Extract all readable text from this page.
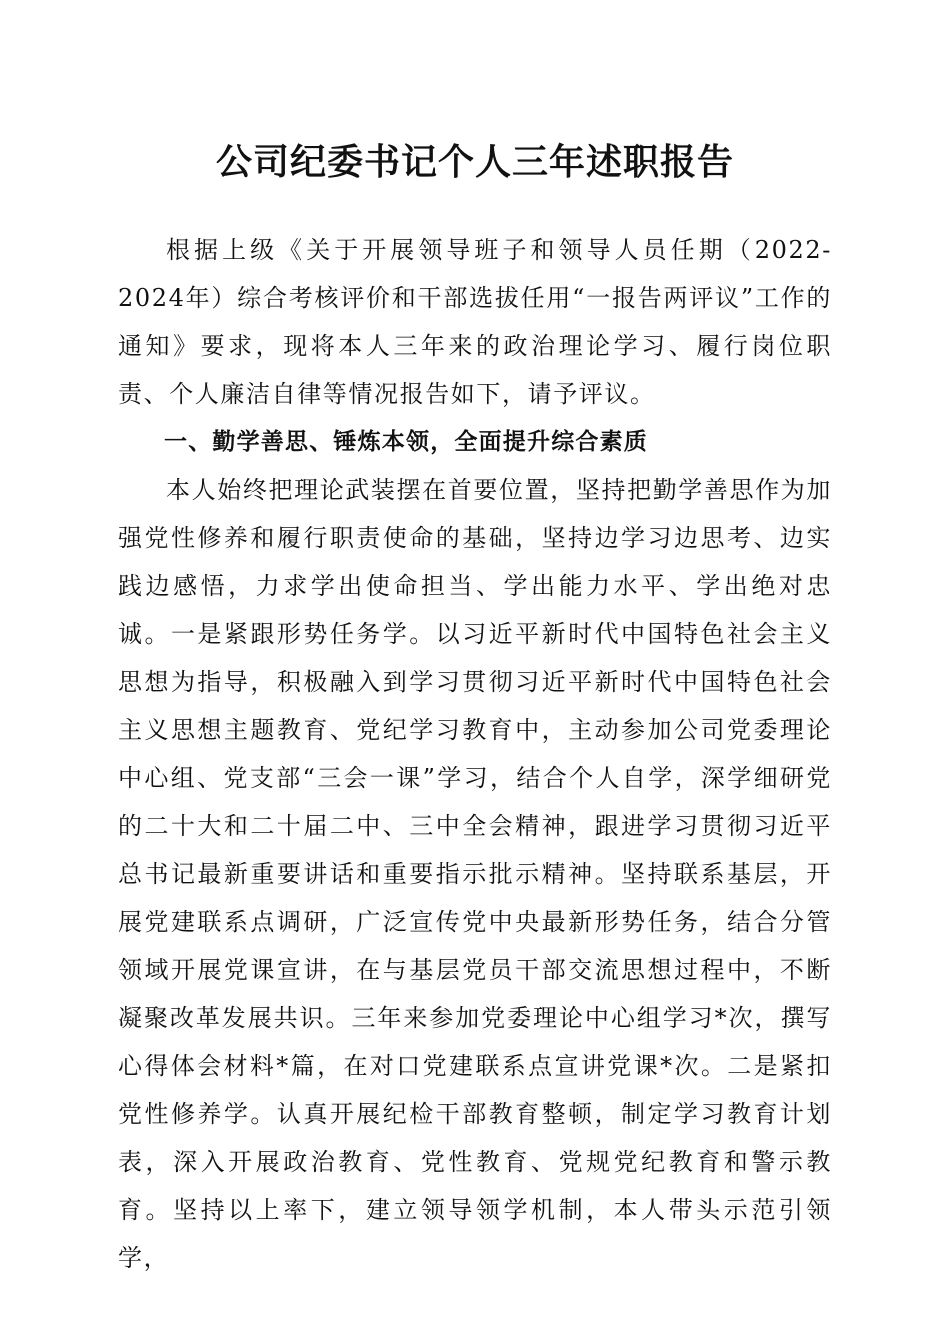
公司纪委书记个人三年述职报告

根据上级《关于开展领导班子和领导人员任期（2022-2024年）综合考核评价和干部选拔任用“一报告两评议”工作的通知》要求，现将本人三年来的政治理论学习、履行岗位职责、个人廉洁自律等情况报告如下，请予评议。

一、勤学善思、锤炼本领，全面提升综合素质

本人始终把理论武装摆在首要位置，坚持把勤学善思作为加强党性修养和履行职责使命的基础，坚持边学习边思考、边实践边感悟，力求学出使命担当、学出能力水平、学出绝对忠诚。一是紧跟形势任务学。以习近平新时代中国特色社会主义思想为指导，积极融入到学习贯彻习近平新时代中国特色社会主义思想主题教育、党纪学习教育中，主动参加公司党委理论中心组、党支部“三会一课”学习，结合个人自学，深学细研党的二十大和二十届二中、三中全会精神，跟进学习贯彻习近平总书记最新重要讲话和重要指示批示精神。坚持联系基层，开展党建联系点调研，广泛宣传党中央最新形势任务，结合分管领域开展党课宣讲，在与基层党员干部交流思想过程中，不断凝聚改革发展共识。三年来参加党委理论中心组学习*次，撰写心得体会材料*篇，在对口党建联系点宣讲党课*次。二是紧扣党性修养学。认真开展纪检干部教育整顿，制定学习教育计划表，深入开展政治教育、党性教育、党规党纪教育和警示教育。坚持以上率下，建立领导领学机制，本人带头示范引领学，
